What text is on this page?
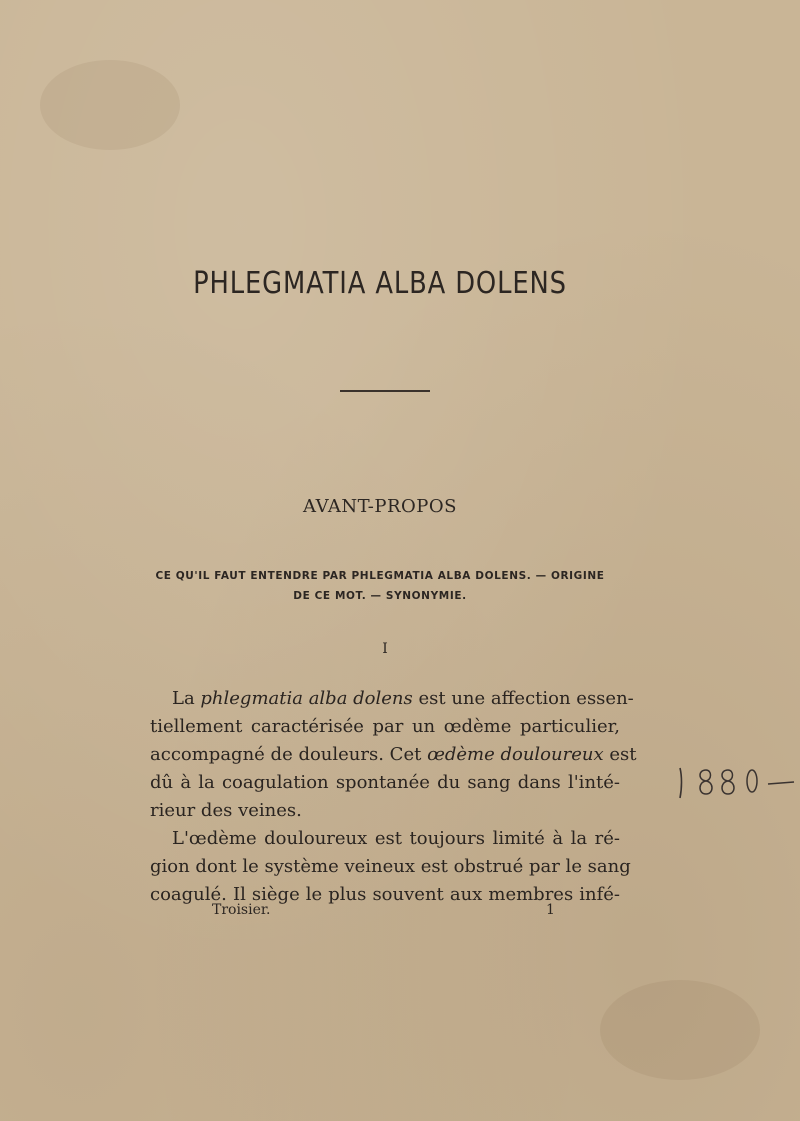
PHLEGMATIA ALBA DOLENS
AVANT-PROPOS
CE QU'IL FAUT ENTENDRE PAR PHLEGMATIA ALBA DOLENS. — ORIGINE
DE CE MOT. — SYNONYMIE.
I
La phlegmatia alba dolens est une affection essen-
tiellement caractérisée par un œdème particulier,
accompagné de douleurs. Cet œdème douloureux est
dû à la coagulation spontanée du sang dans l'inté-
rieur des veines.
L'œdème douloureux est toujours limité à la ré-
gion dont le système veineux est obstrué par le sang
coagulé. Il siège le plus souvent aux membres infé-
Troisier.	1
